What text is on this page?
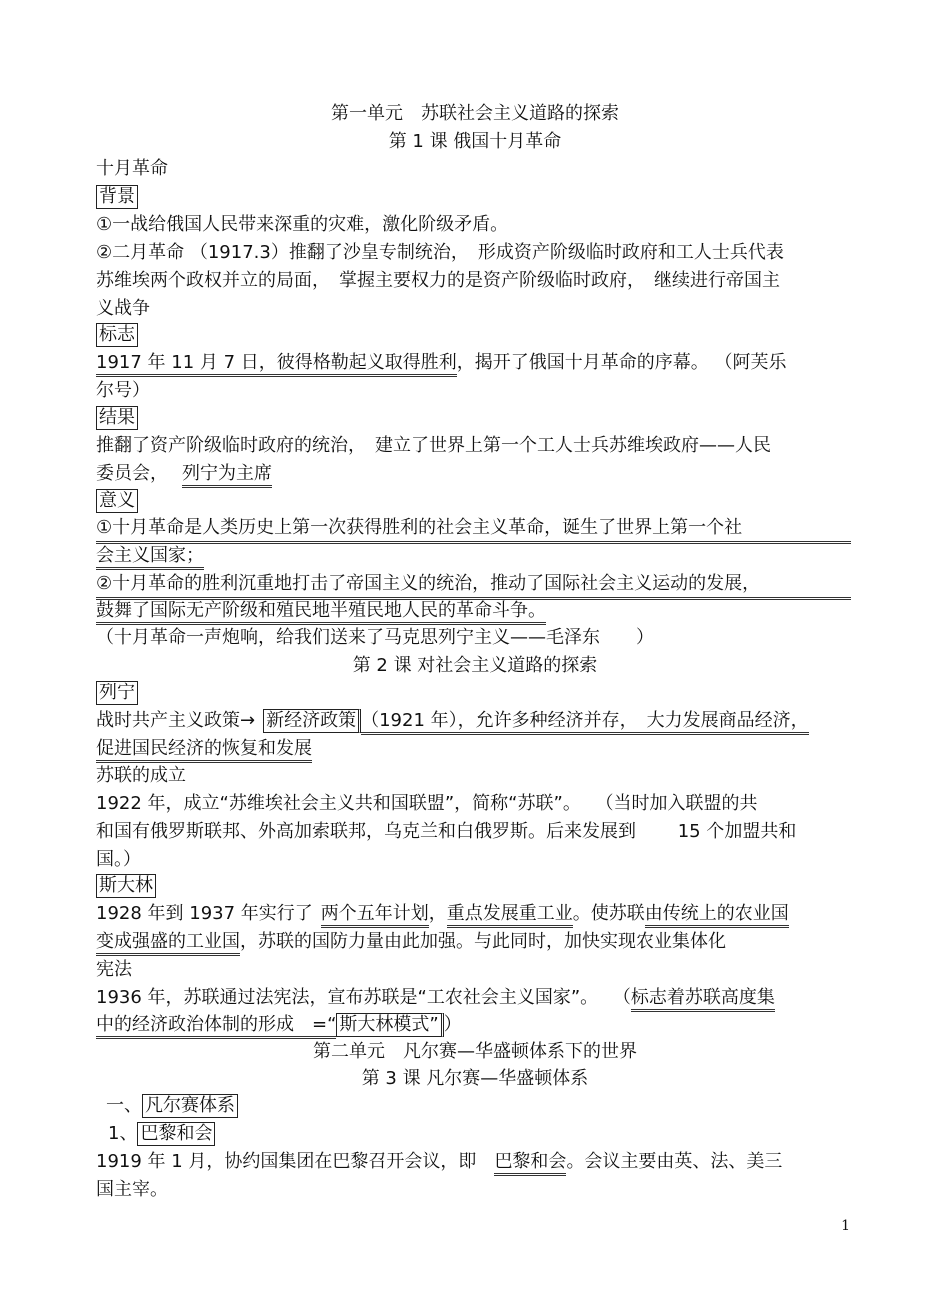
第一单元　苏联社会主义道路的探索
第 1 课 俄国十月革命
十月革命
背景
①一战给俄国人民带来深重的灾难，激化阶级矛盾。
②二月革命 （1917.3）推翻了沙皇专制统治，　形成资产阶级临时政府和工人士兵代表
苏维埃两个政权并立的局面，　掌握主要权力的是资产阶级临时政府，　继续进行帝国主
义战争
标志
1917 年 11 月 7 日，彼得格勒起义取得胜利，揭开了俄国十月革命的序幕。 （阿芙乐
尔号）
结果
推翻了资产阶级临时政府的统治，　建立了世界上第一个工人士兵苏维埃政府——人民
委员会， 列宁为主席
意义
①十月革命是人类历史上第一次获得胜利的社会主义革命，诞生了世界上第一个社
会主义国家；
②十月革命的胜利沉重地打击了帝国主义的统治，推动了国际社会主义运动的发展，
鼓舞了国际无产阶级和殖民地半殖民地人民的革命斗争。
（十月革命一声炮响，给我们送来了马克思列宁主义——毛泽东　　）
第 2 课 对社会主义道路的探索
列宁
战时共产主义政策→ 新经济政策 （1921 年），允许多种经济并存，　大力发展商品经济，
促进国民经济的恢复和发展
苏联的成立
1922 年，成立“苏维埃社会主义共和国联盟”，简称“苏联”。　 （当时加入联盟的共
和国有俄罗斯联邦、外高加索联邦，乌克兰和白俄罗斯。后来发展到　　 15 个加盟共和
国。）
斯大林
1928 年到 1937 年实行了 两个五年计划，重点发展重工业。使苏联由传统上的农业国
变成强盛的工业国，苏联的国防力量由此加强。与此同时，加快实现农业集体化
宪法
1936 年，苏联通过法宪法，宣布苏联是“工农社会主义国家”。　 （标志着苏联高度集
中的经济政治体制的形成　=“ 斯大林模式” ）
第二单元　凡尔赛—华盛顿体系下的世界
第 3 课 凡尔赛—华盛顿体系
一、 凡尔赛体系
1、 巴黎和会
1919 年 1 月，协约国集团在巴黎召开会议，即　巴黎和会。会议主要由英、法、美三
国主宰。
1
